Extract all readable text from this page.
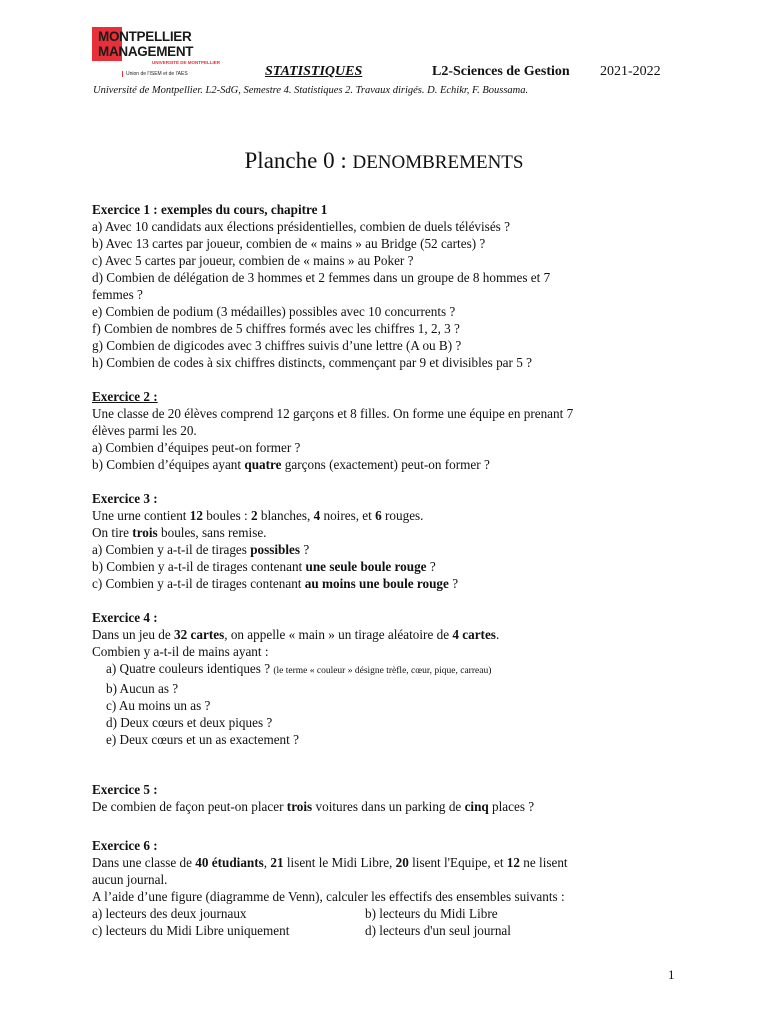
MONTPELLIER
MANAGEMENT
UNIVERSITÉ DE MONTPELLIER
Union de l'ISEM et de l'AES	STATISTIQUES	L2-Sciences de Gestion 2021-2022
Université de Montpellier. L2-SdG, Semestre 4. Statistiques 2. Travaux dirigés. D. Echikr, F. Boussama.
Planche 0 : DENOMBREMENTS
Exercice 1 : exemples du cours, chapitre 1
a) Avec 10 candidats aux élections présidentielles, combien de duels télévisés ?
b) Avec 13 cartes par joueur, combien de « mains » au Bridge (52 cartes) ?
c) Avec 5 cartes par joueur, combien de « mains » au Poker ?
d) Combien de délégation de 3 hommes et 2 femmes dans un groupe de 8 hommes et 7
femmes ?
e) Combien de podium (3 médailles) possibles avec 10 concurrents ?
f) Combien de nombres de 5 chiffres formés avec les chiffres 1, 2, 3 ?
g) Combien de digicodes avec 3 chiffres suivis d’une lettre (A ou B) ?
h) Combien de codes à six chiffres distincts, commençant par 9 et divisibles par 5 ?
Exercice 2 :
Une classe de 20 élèves comprend 12 garçons et 8 filles. On forme une équipe en prenant 7
élèves parmi les 20.
a) Combien d’équipes peut-on former ?
b) Combien d’équipes ayant quatre garçons (exactement) peut-on former ?
Exercice 3 :
Une urne contient 12 boules : 2 blanches, 4 noires, et 6 rouges.
On tire trois boules, sans remise.
a) Combien y a-t-il de tirages possibles ?
b) Combien y a-t-il de tirages contenant une seule boule rouge ?
c) Combien y a-t-il de tirages contenant au moins une boule rouge ?
Exercice 4 :
Dans un jeu de 32 cartes, on appelle « main » un tirage aléatoire de 4 cartes.
Combien y a-t-il de mains ayant :
a) Quatre couleurs identiques ? (le terme « couleur » désigne trèfle, cœur, pique, carreau)
b) Aucun as ?
c) Au moins un as ?
d) Deux cœurs et deux piques ?
e) Deux cœurs et un as exactement ?
Exercice 5 :
De combien de façon peut-on placer trois voitures dans un parking de cinq places ?
Exercice 6 :
Dans une classe de 40 étudiants, 21 lisent le Midi Libre, 20 lisent l'Equipe, et 12 ne lisent
aucun journal.
A l’aide d’une figure (diagramme de Venn), calculer les effectifs des ensembles suivants :
a) lecteurs des deux journaux	b) lecteurs du Midi Libre
c) lecteurs du Midi Libre uniquement	d) lecteurs d'un seul journal
1
